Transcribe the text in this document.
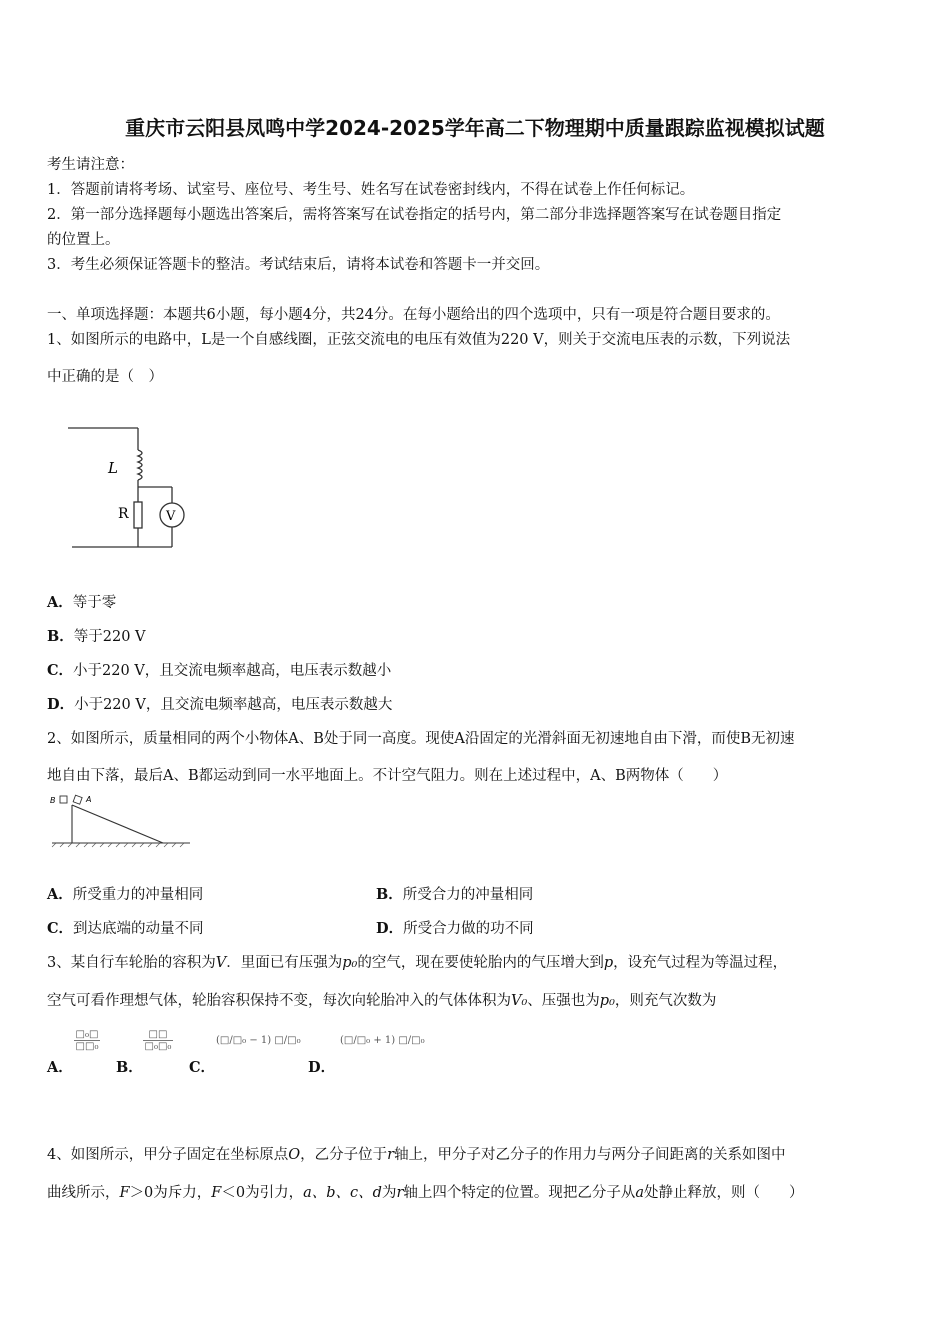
重庆市云阳县凤鸣中学2024-2025学年高二下物理期中质量跟踪监视模拟试题
考生请注意：
1．答题前请将考场、试室号、座位号、考生号、姓名写在试卷密封线内，不得在试卷上作任何标记。
2．第一部分选择题每小题选出答案后，需将答案写在试卷指定的括号内，第二部分非选择题答案写在试卷题目指定
的位置上。
3．考生必须保证答题卡的整洁。考试结束后，请将本试卷和答题卡一并交回。
一、单项选择题：本题共6小题，每小题4分，共24分。在每小题给出的四个选项中，只有一项是符合题目要求的。
1、如图所示的电路中，L是一个自感线圈，正弦交流电的电压有效值为220 V，则关于交流电压表的示数，下列说法
中正确的是（　）
L
R	V
A．等于零
B．等于220 V
C．小于220 V，且交流电频率越高，电压表示数越小
D．小于220 V，且交流电频率越高，电压表示数越大
2、如图所示，质量相同的两个小物体A、B处于同一高度。现使A沿固定的光滑斜面无初速地自由下滑，而使B无初速
地自由下落，最后A、B都运动到同一水平地面上。不计空气阻力。则在上述过程中，A、B两物体（　　）
B	A
A．所受重力的冲量相同	B．所受合力的冲量相同
C．到达底端的动量不同	D．所受合力做的功不同
3、某自行车轮胎的容积为V．里面已有压强为p₀的空气，现在要使轮胎内的气压增大到p，设充气过程为等温过程，
空气可看作理想气体，轮胎容积保持不变，每次向轮胎冲入的气体体积为V₀、压强也为p₀，则充气次数为
A．
□₀□
□□₀
B．
□□
□₀□₀
C．
(□/□₀ − 1) □/□₀
D．
(□/□₀ + 1) □/□₀
4、如图所示，甲分子固定在坐标原点O，乙分子位于r轴上，甲分子对乙分子的作用力与两分子间距离的关系如图中
曲线所示，F＞0为斥力，F＜0为引力，a、b、c、d为r轴上四个特定的位置。现把乙分子从a处静止释放，则（　　）
